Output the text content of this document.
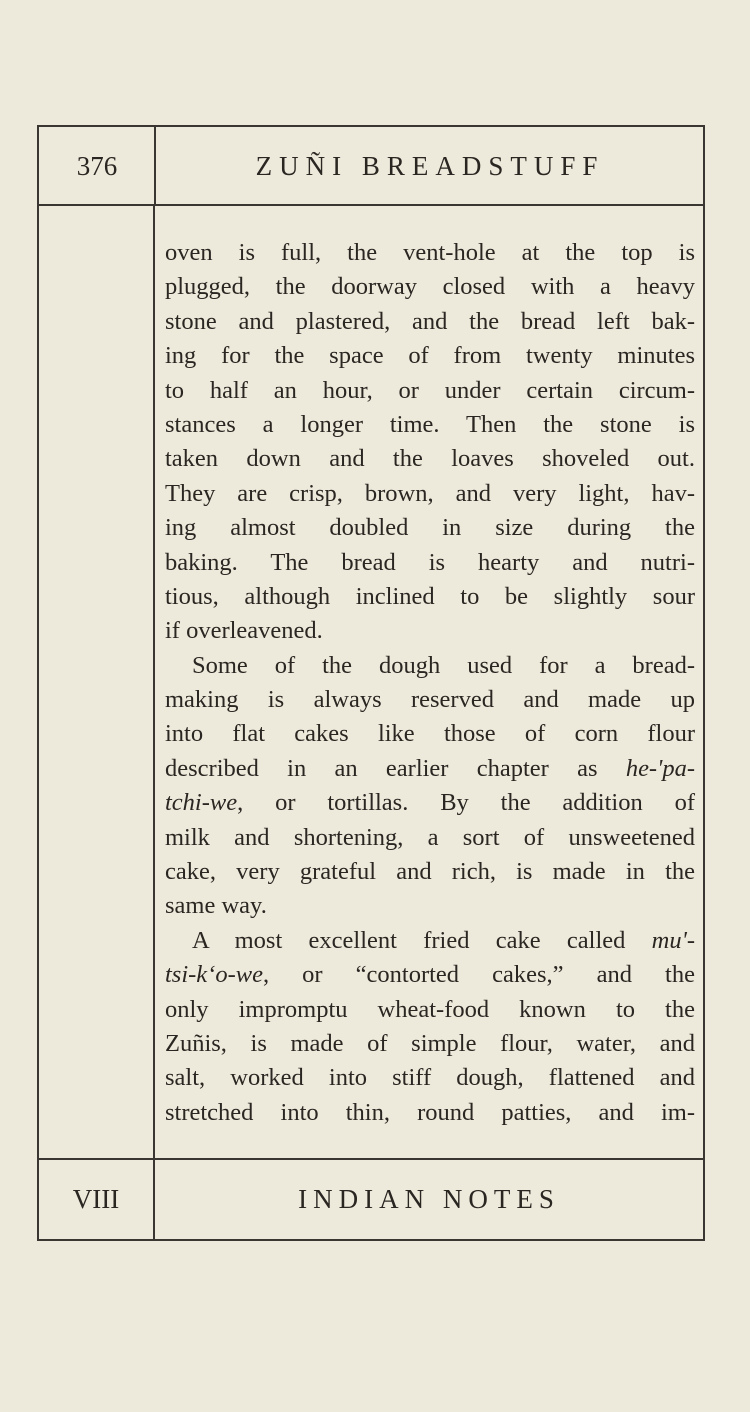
376	ZUÑI BREADSTUFF
oven is full, the vent-hole at the top is
plugged, the doorway closed with a heavy
stone and plastered, and the bread left bak-
ing for the space of from twenty minutes
to half an hour, or under certain circum-
stances a longer time. Then the stone is
taken down and the loaves shoveled out.
They are crisp, brown, and very light, hav-
ing almost doubled in size during the
baking. The bread is hearty and nutri-
tious, although inclined to be slightly sour
if overleavened.
Some of the dough used for a bread-
making is always reserved and made up
into flat cakes like those of corn flour
described in an earlier chapter as he-'pa-
tchi-we, or tortillas. By the addition of
milk and shortening, a sort of unsweetened
cake, very grateful and rich, is made in the
same way.
A most excellent fried cake called mu'-
tsi-k‘o-we, or “contorted cakes,” and the
only impromptu wheat-food known to the
Zuñis, is made of simple flour, water, and
salt, worked into stiff dough, flattened and
stretched into thin, round patties, and im-
VIII	INDIAN NOTES
